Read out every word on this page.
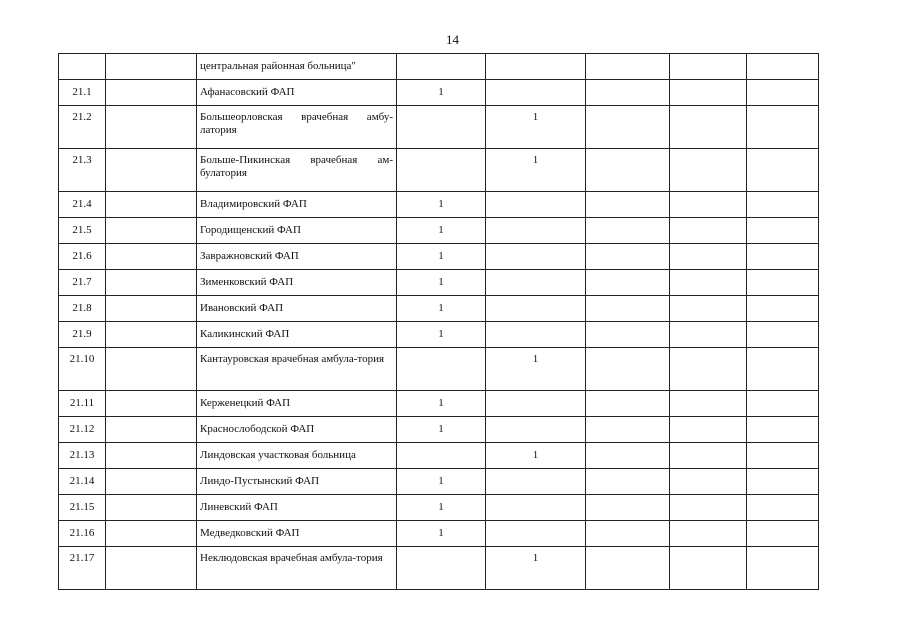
14
		центральная районная больница"					
21.1		Афанасовский ФАП	1				
21.2		Большеорловская врачебная амбу-латория		1			
21.3		Больше-Пикинская врачебная ам-булатория		1			
21.4		Владимировский ФАП	1				
21.5		Городищенский ФАП	1				
21.6		Завражновский ФАП	1				
21.7		Зименковский ФАП	1				
21.8		Ивановский ФАП	1				
21.9		Каликинский ФАП	1				
21.10		Кантауровская врачебная амбула-тория		1			
21.11		Керженецкий ФАП	1				
21.12		Краснослободской ФАП	1				
21.13		Линдовская участковая больница		1			
21.14		Линдо-Пустынский ФАП	1				
21.15		Линевский ФАП	1				
21.16		Медведковский ФАП	1				
21.17		Неклюдовская врачебная амбула-тория		1			
